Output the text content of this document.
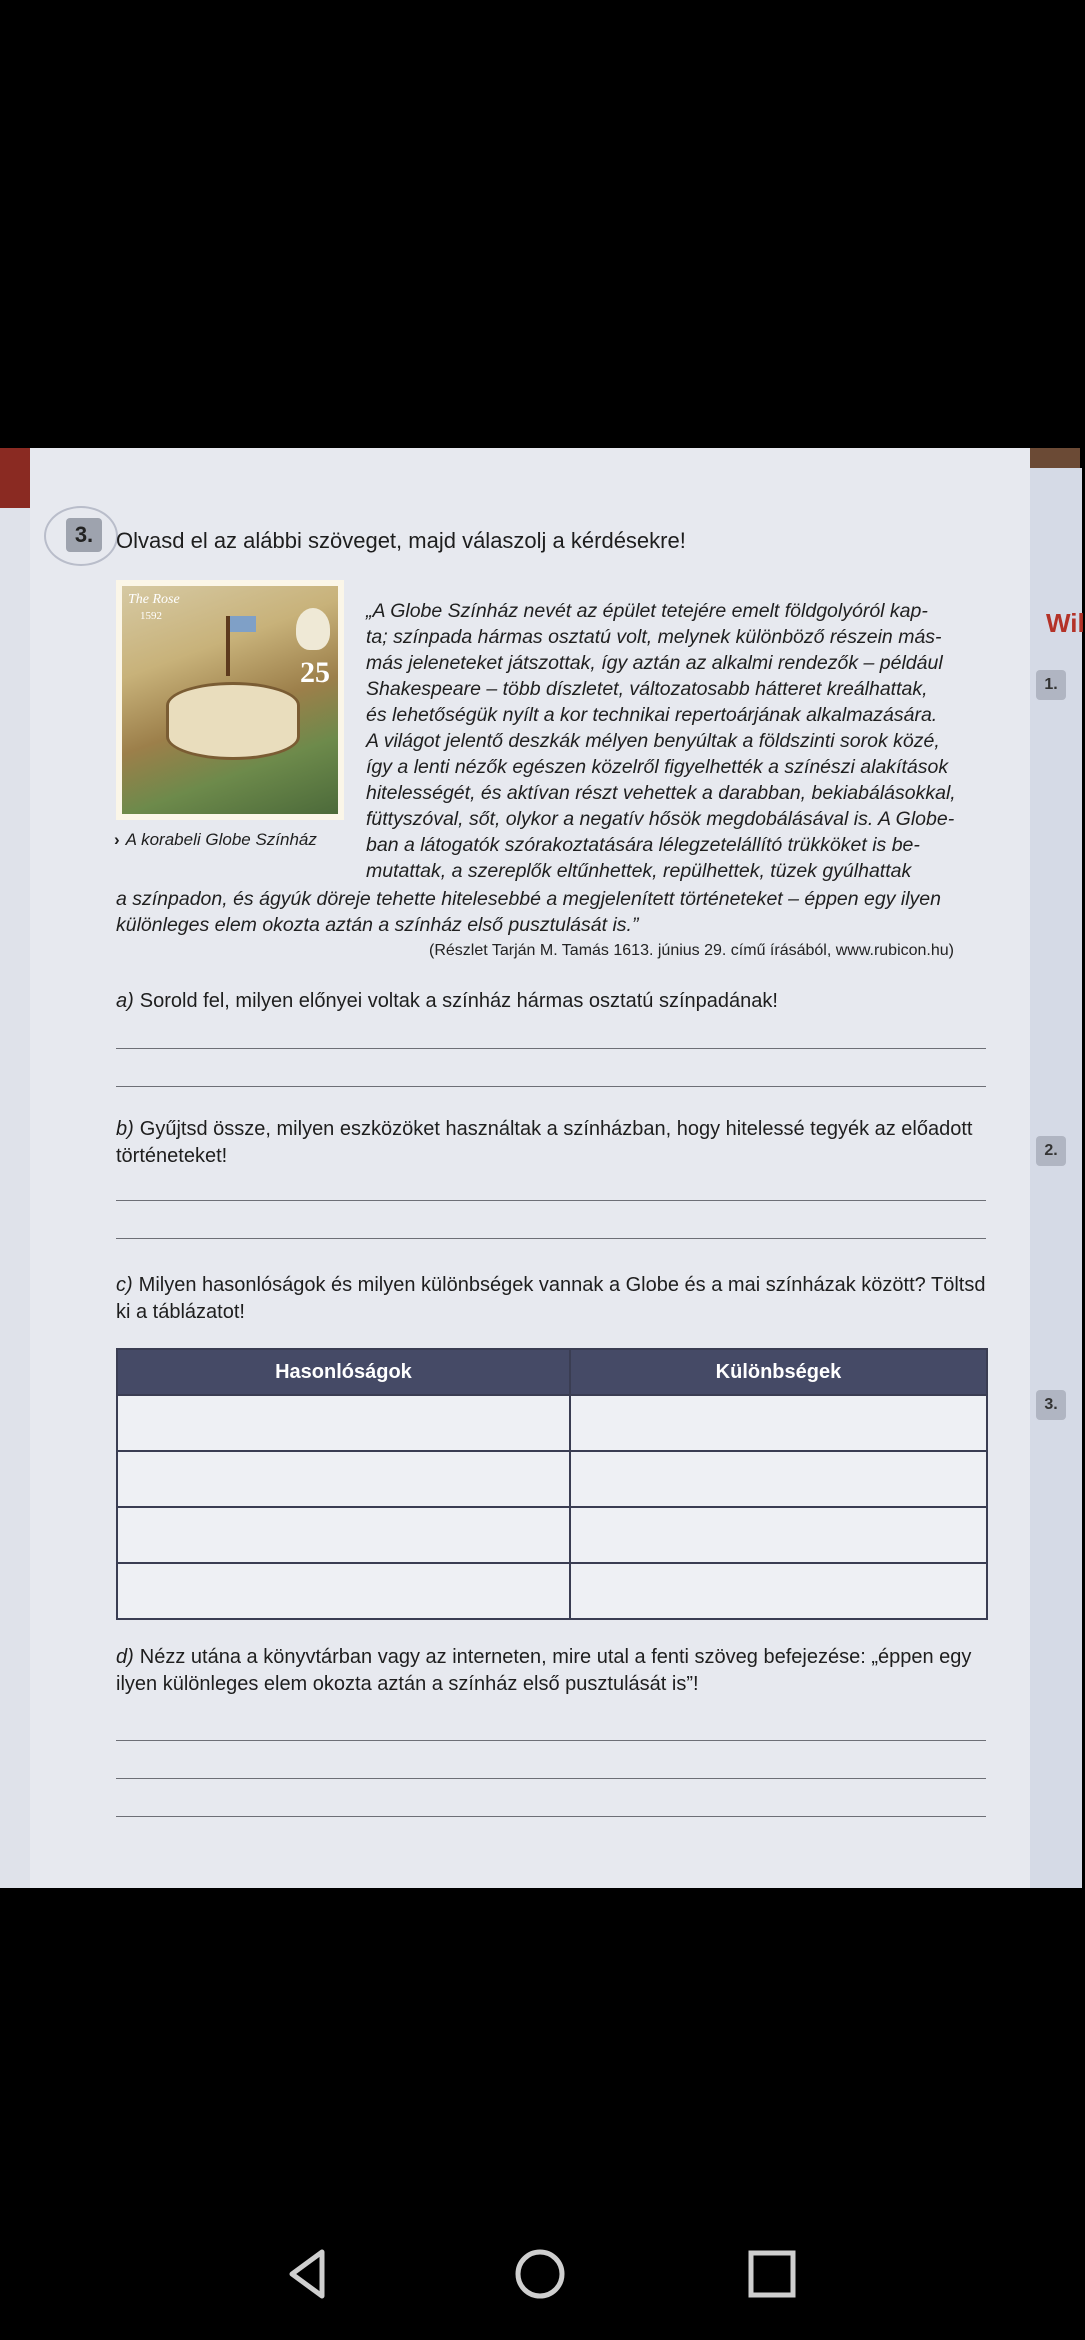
3.	Olvasd el az alábbi szöveget, majd válaszolj a kérdésekre!
The Rose
1592
25
› A korabeli Globe Színház
„A Globe Színház nevét az épület tetejére emelt földgolyóról kap-
ta; színpada hármas osztatú volt, melynek különböző részein más-
más jeleneteket játszottak, így aztán az alkalmi rendezők – például
Shakespeare – több díszletet, változatosabb hátteret kreálhattak,
és lehetőségük nyílt a kor technikai repertoárjának alkalmazására.
A világot jelentő deszkák mélyen benyúltak a földszinti sorok közé,
így a lenti nézők egészen közelről figyelhették a színészi alakítások
hitelességét, és aktívan részt vehettek a darabban, bekiabálásokkal,
füttyszóval, sőt, olykor a negatív hősök megdobálásával is. A Globe-
ban a látogatók szórakoztatására lélegzetelállító trükköket is be-
mutattak, a szereplők eltűnhettek, repülhettek, tüzek gyúlhattak
a színpadon, és ágyúk döreje tehette hitelesebbé a megjelenített történeteket – éppen egy ilyen
különleges elem okozta aztán a színház első pusztulását is.”
(Részlet Tarján M. Tamás 1613. június 29. című írásából, www.rubicon.hu)
a) Sorold fel, milyen előnyei voltak a színház hármas osztatú színpadának!
b) Gyűjtsd össze, milyen eszközöket használtak a színházban, hogy hitelessé tegyék az előadott történeteket!
c) Milyen hasonlóságok és milyen különbségek vannak a Globe és a mai színházak között? Töltsd ki a táblázatot!
Hasonlóságok	Különbségek

d) Nézz utána a könyvtárban vagy az interneten, mire utal a fenti szöveg befejezése: „éppen egy ilyen különleges elem okozta aztán a színház első pusztulását is”!
Wil
1.
2.
3.
